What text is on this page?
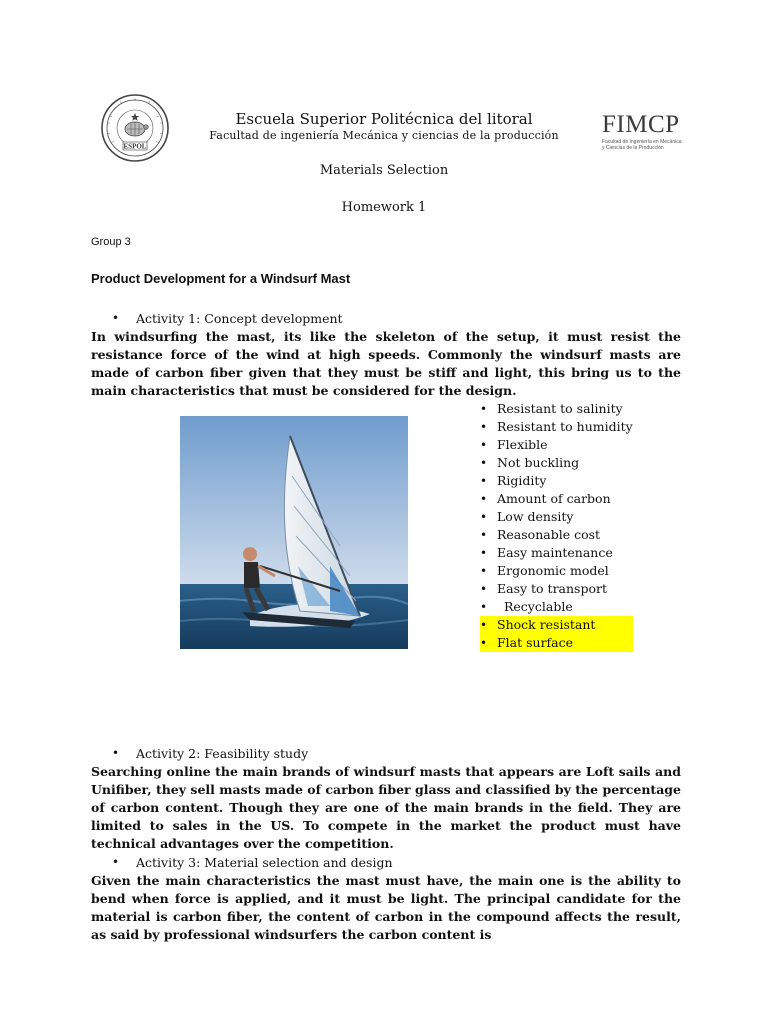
ESPOL
Escuela Superior Politécnica del litoral
Facultad de ingeniería Mecánica y ciencias de la producción	FIMCP
Facultad de Ingeniería en Mecánica
y Ciencias de la Producción
Materials Selection
Homework 1
Group 3
Product Development for a Windsurf Mast
• Activity 1: Concept development
In windsurfing the mast, its like the skeleton of the setup, it must resist the resistance force of the wind at high speeds. Commonly the windsurf masts are made of carbon fiber given that they must be stiff and light, this bring us to the main characteristics that must be considered for the design.
• Resistant to salinity
• Resistant to humidity
• Flexible
• Not buckling
• Rigidity
• Amount of carbon
• Low density
• Reasonable cost
• Easy maintenance
• Ergonomic model
• Easy to transport
• Recyclable
• Shock resistant
• Flat surface
• Activity 2: Feasibility study
Searching online the main brands of windsurf masts that appears are Loft sails and Unifiber, they sell masts made of carbon fiber glass and classified by the percentage of carbon content. Though they are one of the main brands in the field. They are limited to sales in the US. To compete in the market the product must have technical advantages over the competition.
• Activity 3: Material selection and design
Given the main characteristics the mast must have, the main one is the ability to bend when force is applied, and it must be light. The principal candidate for the material is carbon fiber, the content of carbon in the compound affects the result, as said by professional windsurfers the carbon content is
